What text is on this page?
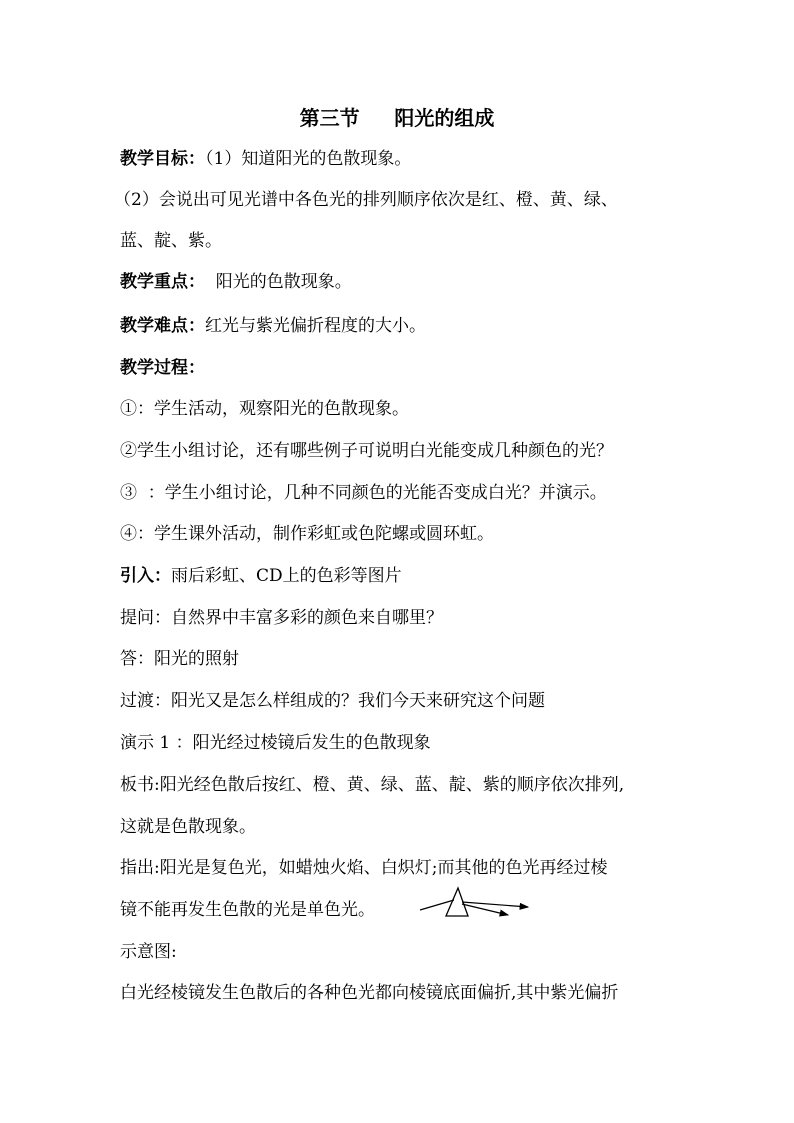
第三节     阳光的组成
教学目标：（1）知道阳光的色散现象。
（2）会说出可见光谱中各色光的排列顺序依次是红、橙、黄、绿、
蓝、靛、紫。
教学重点：  阳光的色散现象。
教学难点：红光与紫光偏折程度的大小。
教学过程：
①：学生活动，观察阳光的色散现象。
②学生小组讨论，还有哪些例子可说明白光能变成几种颜色的光？
③  ：学生小组讨论，几种不同颜色的光能否变成白光？并演示。
④：学生课外活动，制作彩虹或色陀螺或圆环虹。
引入：雨后彩虹、CD上的色彩等图片
提问：自然界中丰富多彩的颜色来自哪里？
答：阳光的照射
过渡：阳光又是怎么样组成的？我们今天来研究这个问题
演示 1 ：阳光经过棱镜后发生的色散现象
板书:阳光经色散后按红、橙、黄、绿、蓝、靛、紫的顺序依次排列,
这就是色散现象。
指出:阳光是复色光，如蜡烛火焰、白炽灯;而其他的色光再经过棱
镜不能再发生色散的光是单色光。
示意图:
白光经棱镜发生色散后的各种色光都向棱镜底面偏折,其中紫光偏折
